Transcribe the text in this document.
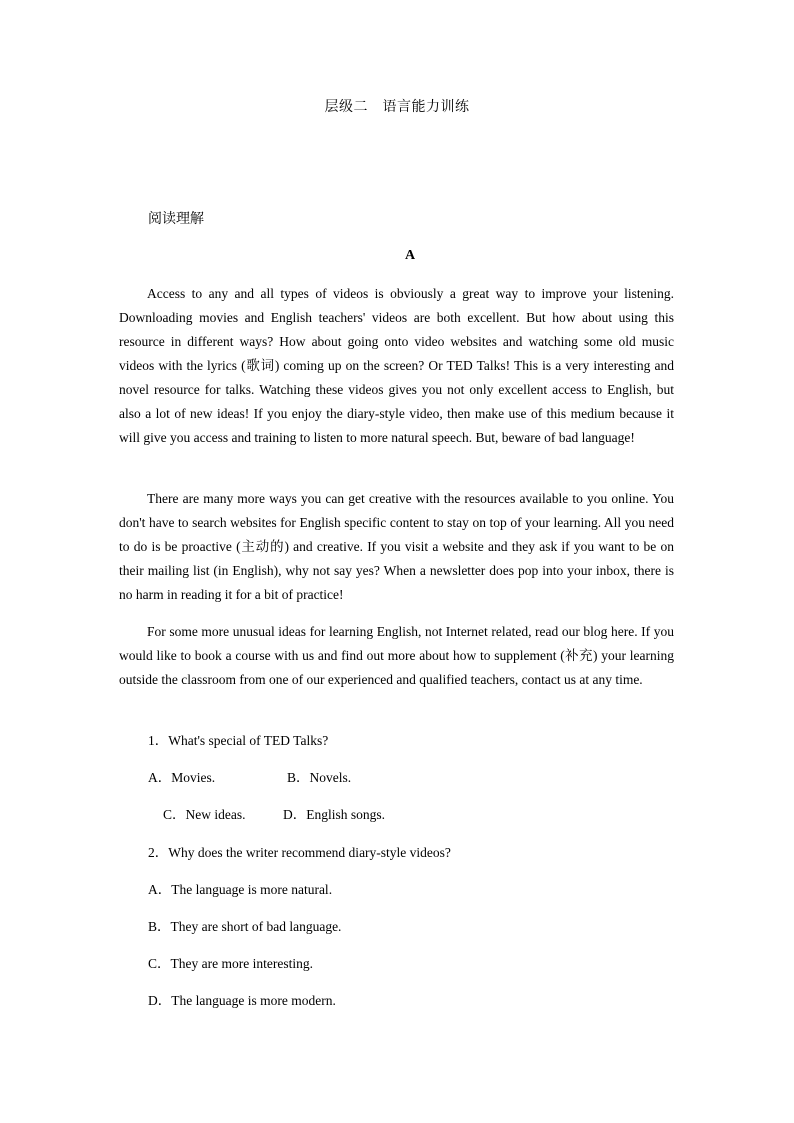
层级二　语言能力训练
阅读理解
A

Access to any and all types of videos is obviously a great way to improve your listening. Downloading movies and English teachers' videos are both excellent. But how about using this resource in different ways? How about going onto video websites and watching some old music videos with the lyrics (歌词) coming up on the screen? Or TED Talks! This is a very interesting and novel resource for talks. Watching these videos gives you not only excellent access to English, but also a lot of new ideas! If you enjoy the diary-style video, then make use of this medium because it will give you access and training to listen to more natural speech. But, beware of bad language!

There are many more ways you can get creative with the resources available to you online. You don't have to search websites for English specific content to stay on top of your learning. All you need to do is be proactive (主动的) and creative. If you visit a website and they ask if you want to be on their mailing list (in English), why not say yes? When a newsletter does pop into your inbox, there is no harm in reading it for a bit of practice!

For some more unusual ideas for learning English, not Internet related, read our blog here. If you would like to book a course with us and find out more about how to supplement (补充) your learning outside the classroom from one of our experienced and qualified teachers, contact us at any time.

1．What's special of TED Talks?
A．Movies.	B．Novels.
C．New ideas.	D．English songs.
2．Why does the writer recommend diary-style videos?
A．The language is more natural.
B．They are short of bad language.
C．They are more interesting.
D．The language is more modern.
